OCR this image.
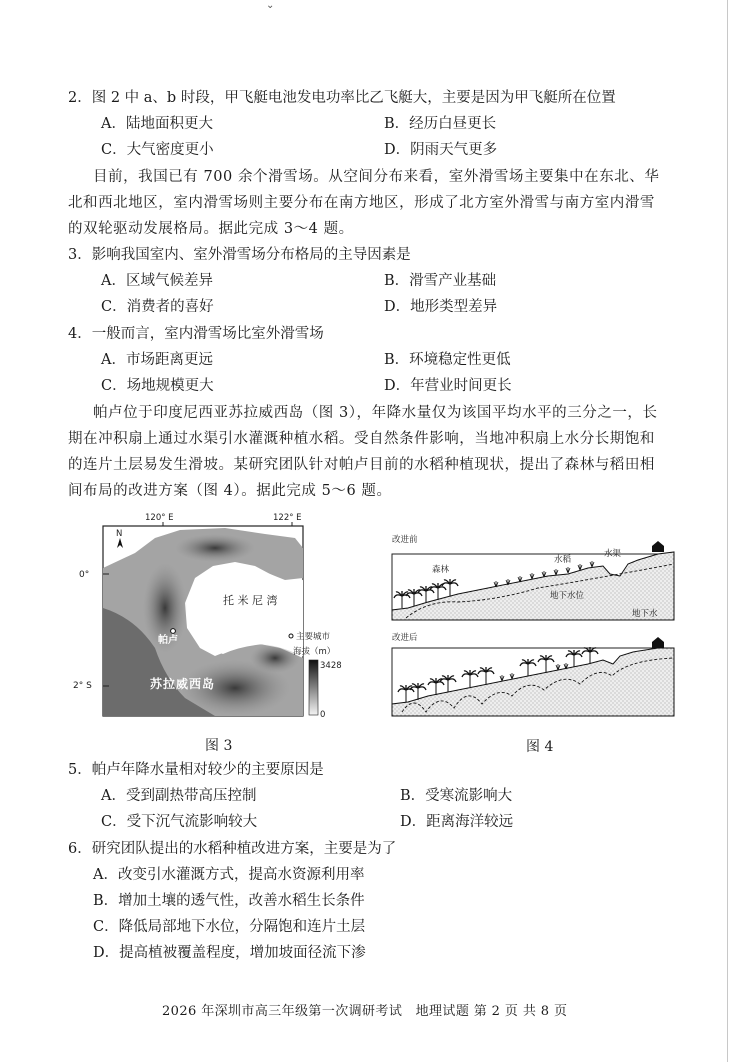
⌄
2．图 2 中 a、b 时段，甲飞艇电池发电功率比乙飞艇大，主要是因为甲飞艇所在位置
A．陆地面积更大	B．经历白昼更长
C．大气密度更小	D．阴雨天气更多
目前，我国已有 700 余个滑雪场。从空间分布来看，室外滑雪场主要集中在东北、华
北和西北地区，室内滑雪场则主要分布在南方地区，形成了北方室外滑雪与南方室内滑雪
的双轮驱动发展格局。据此完成 3～4 题。
3．影响我国室内、室外滑雪场分布格局的主导因素是
A．区域气候差异	B．滑雪产业基础
C．消费者的喜好	D．地形类型差异
4．一般而言，室内滑雪场比室外滑雪场
A．市场距离更远	B．环境稳定性更低
C．场地规模更大	D．年营业时间更长
帕卢位于印度尼西亚苏拉威西岛（图 3），年降水量仅为该国平均水平的三分之一，长
期在冲积扇上通过水渠引水灌溉种植水稻。受自然条件影响，当地冲积扇上水分长期饱和
的连片土层易发生滑坡。某研究团队针对帕卢目前的水稻种植现状，提出了森林与稻田相
间布局的改进方案（图 4）。据此完成 5～6 题。
120° E	122° E
N
帕卢
托 米 尼 湾
苏拉威西岛
主要城市
海拔（m）
3428
0
0°
2° S
图 3
改进前
森林
水稻
水渠
地下水位
地下水
改进后
图 4
5．帕卢年降水量相对较少的主要原因是
A．受到副热带高压控制	B．受寒流影响大
C．受下沉气流影响较大	D．距离海洋较远
6．研究团队提出的水稻种植改进方案，主要是为了
A．改变引水灌溉方式，提高水资源利用率
B．增加土壤的透气性，改善水稻生长条件
C．降低局部地下水位，分隔饱和连片土层
D．提高植被覆盖程度，增加坡面径流下渗
2026 年深圳市高三年级第一次调研考试　地理试题 第 2 页 共 8 页
